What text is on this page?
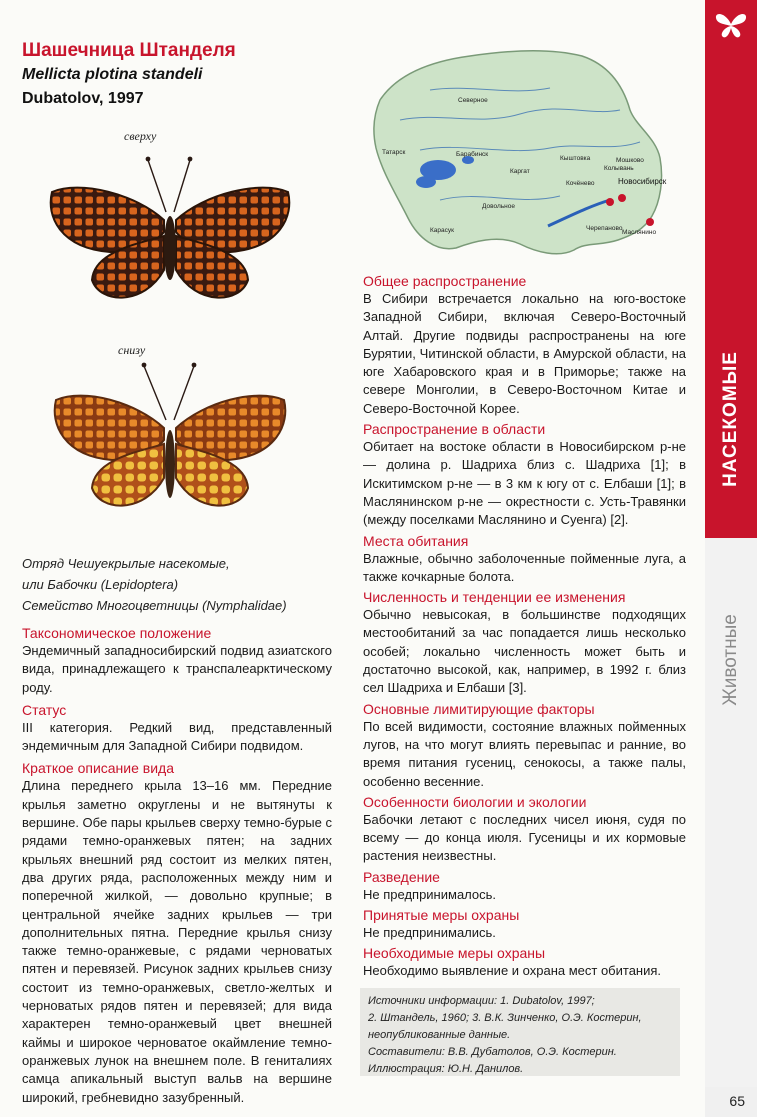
НАСЕКОМЫЕ
Животные
65
Шашечница Штанделя
Mellicta plotina standeli
Dubatolov, 1997
сверху
снизу
Отряд Чешуекрылые насекомые,
или Бабочки (Lepidoptera)
Семейство Многоцветницы (Nymphalidae)
Северное
Татарск	Барабинск
Каргат
Кыштовка	Мошково
Колывань
Кочёнево	Новосибирск
Довольное
Карасук	Черепаново
Маслянино
Таксономическое положение
Эндемичный западносибирский подвид азиатского вида, принадлежащего к транспалеарктическому роду.
Статус
III категория. Редкий вид, представленный эндемичным для Западной Сибири подвидом.
Краткое описание вида
Длина переднего крыла 13–16 мм. Передние крылья заметно округлены и не вытянуты к вершине. Обе пары крыльев сверху темно-бурые с рядами темно-оранжевых пятен; на задних крыльях внешний ряд состоит из мелких пятен, два других ряда, расположенных между ним и поперечной жилкой, — довольно крупные; в центральной ячейке задних крыльев — три дополнительных пятна. Передние крылья снизу также темно-оранжевые, с рядами черноватых пятен и перевязей. Рисунок задних крыльев снизу состоит из темно-оранжевых, светло-желтых и черноватых рядов пятен и перевязей; для вида характерен темно-оранжевый цвет внешней каймы и широкое черноватое окаймление темно-оранжевых лунок на внешнем поле. В гениталиях самца апикальный выступ вальв на вершине широкий, гребневидно зазубренный.
Общее распространение
В Сибири встречается локально на юго-востоке Западной Сибири, включая Северо-Восточный Алтай. Другие подвиды распространены на юге Бурятии, Читинской области, в Амурской области, на юге Хабаровского края и в Приморье; также на севере Монголии, в Северо-Восточном Китае и Северо-Восточной Корее.
Распространение в области
Обитает на востоке области в Новосибирском р-не — долина р. Шадриха близ с. Шадриха [1]; в Искитимском р-не — в 3 км к югу от с. Елбаши [1]; в Маслянинском р-не — окрестности с. Усть-Травянки (между поселками Маслянино и Суенга) [2].
Места обитания
Влажные, обычно заболоченные пойменные луга, а также кочкарные болота.
Численность и тенденции ее изменения
Обычно невысокая, в большинстве подходящих местообитаний за час попадается лишь несколько особей; локально численность может быть и достаточно высокой, как, например, в 1992 г. близ сел Шадриха и Елбаши [3].
Основные лимитирующие факторы
По всей видимости, состояние влажных пойменных лугов, на что могут влиять перевыпас и ранние, во время питания гусениц, сенокосы, а также палы, особенно весенние.
Особенности биологии и экологии
Бабочки летают с последних чисел июня, судя по всему — до конца июля. Гусеницы и их кормовые растения неизвестны.
Разведение
Не предпринималось.
Принятые меры охраны
Не предпринимались.
Необходимые меры охраны
Необходимо выявление и охрана мест обитания.

Источники информации: 1. Dubatolov, 1997;

2. Штандель, 1960; 3. В.К. Зинченко, О.Э. Костерин,

неопубликованные данные.

Составители: В.В. Дубатолов, О.Э. Костерин.

Иллюстрация: Ю.Н. Данилов.
